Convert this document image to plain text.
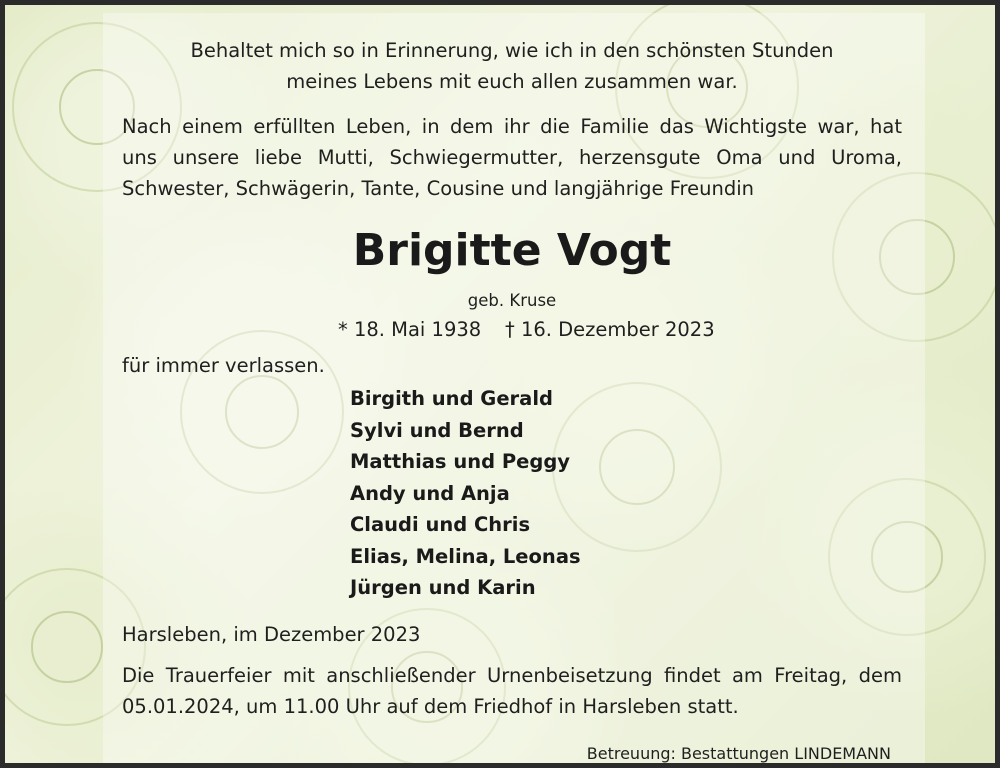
Behaltet mich so in Erinnerung, wie ich in den schönsten Stunden

meines Lebens mit euch allen zusammen war.

Nach einem erfüllten Leben, in dem ihr die Familie das Wichtigste war, hat
uns unsere liebe Mutti, Schwiegermutter, herzensgute Oma und Uroma,
Schwester, Schwägerin, Tante, Cousine und langjährige Freundin
Brigitte Vogt

geb. Kruse

* 18. Mai 1938 † 16. Dezember 2023

für immer verlassen.

Birgith und Gerald
Sylvi und Bernd
Matthias und Peggy
Andy und Anja
Claudi und Chris
Elias, Melina, Leonas
Jürgen und Karin

Harsleben, im Dezember 2023

Die Trauerfeier mit anschließender Urnenbeisetzung findet am Freitag, dem
05.01.2024, um 11.00 Uhr auf dem Friedhof in Harsleben statt.

Betreuung: Bestattungen LINDEMANN
